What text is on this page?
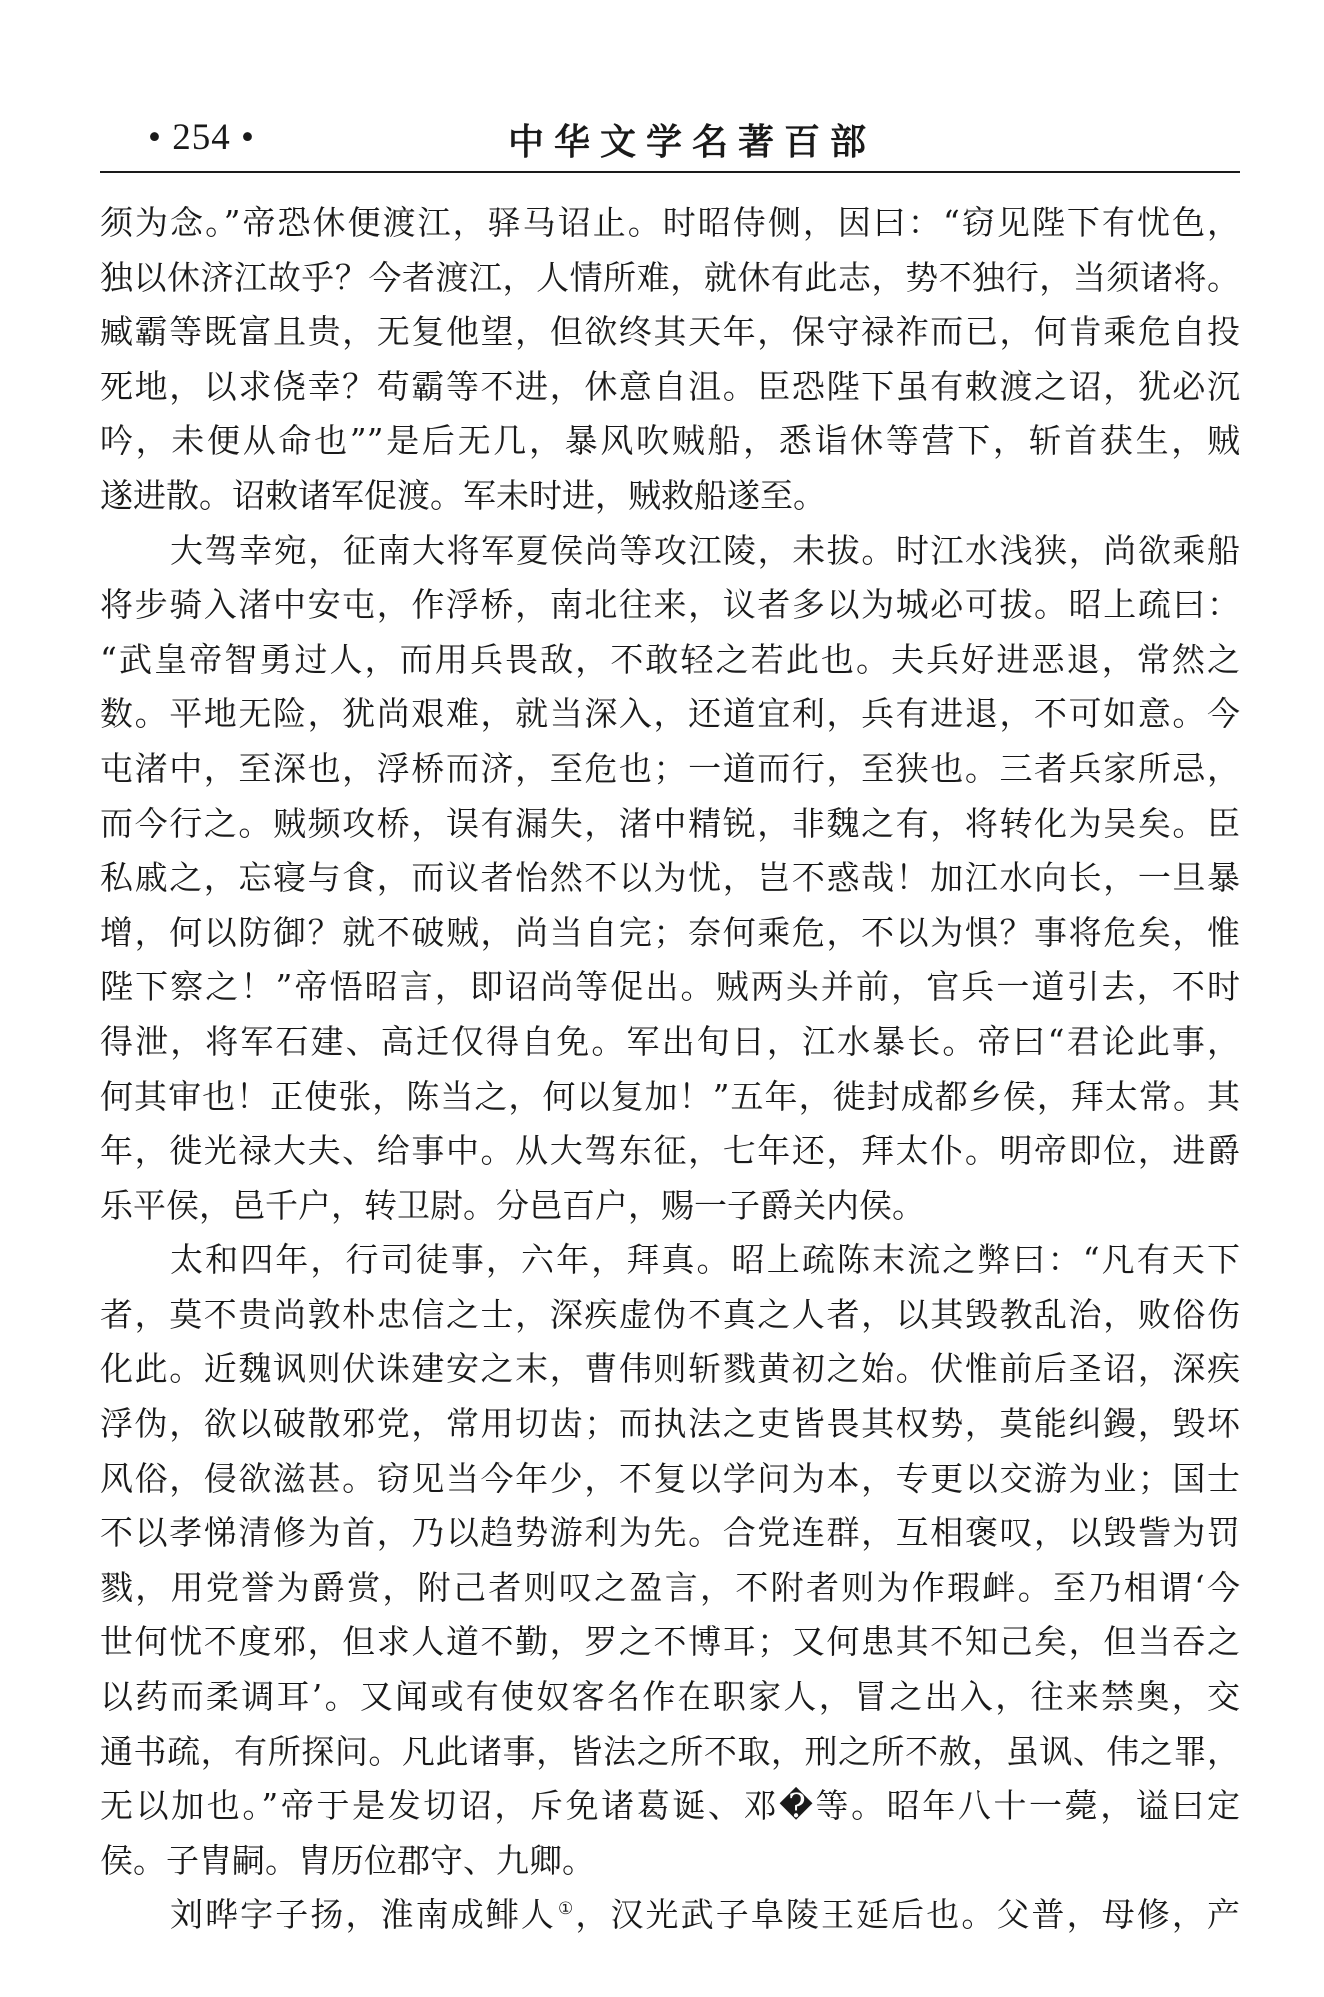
• 254 •	中华文学名著百部
须为念。”帝恐休便渡江，驿马诏止。时昭侍侧，因曰：“窃见陛下有忧色，
独以休济江故乎？今者渡江，人情所难，就休有此志，势不独行，当须诸将。
臧霸等既富且贵，无复他望，但欲终其天年，保守禄祚而已，何肯乘危自投
死地，以求侥幸？苟霸等不进，休意自沮。臣恐陛下虽有敕渡之诏，犹必沉
吟，未便从命也””是后无几，暴风吹贼船，悉诣休等营下，斩首获生，贼
遂进散。诏敕诸军促渡。军未时进，贼救船遂至。
大驾幸宛，征南大将军夏侯尚等攻江陵，未拔。时江水浅狭，尚欲乘船
将步骑入渚中安屯，作浮桥，南北往来，议者多以为城必可拔。昭上疏曰：
“武皇帝智勇过人，而用兵畏敌，不敢轻之若此也。夫兵好进恶退，常然之
数。平地无险，犹尚艰难，就当深入，还道宜利，兵有进退，不可如意。今
屯渚中，至深也，浮桥而济，至危也；一道而行，至狭也。三者兵家所忌，
而今行之。贼频攻桥，误有漏失，渚中精锐，非魏之有，将转化为吴矣。臣
私戚之，忘寝与食，而议者怡然不以为忧，岂不惑哉！加江水向长，一旦暴
增，何以防御？就不破贼，尚当自完；奈何乘危，不以为惧？事将危矣，惟
陛下察之！”帝悟昭言，即诏尚等促出。贼两头并前，官兵一道引去，不时
得泄，将军石建、高迁仅得自免。军出旬日，江水暴长。帝曰“君论此事，
何其审也！正使张，陈当之，何以复加！”五年，徙封成都乡侯，拜太常。其
年，徙光禄大夫、给事中。从大驾东征，七年还，拜太仆。明帝即位，进爵
乐平侯，邑千户，转卫尉。分邑百户，赐一子爵关内侯。
太和四年，行司徒事，六年，拜真。昭上疏陈末流之弊曰：“凡有天下
者，莫不贵尚敦朴忠信之士，深疾虚伪不真之人者，以其毁教乱治，败俗伤
化此。近魏讽则伏诛建安之末，曹伟则斩戮黄初之始。伏惟前后圣诏，深疾
浮伪，欲以破散邪党，常用切齿；而执法之吏皆畏其权势，莫能纠鏝，毁坏
风俗，侵欲滋甚。窃见当今年少，不复以学问为本，专更以交游为业；国士
不以孝悌清修为首，乃以趋势游利为先。合党连群，互相褒叹，以毁訾为罚
戮，用党誉为爵赏，附己者则叹之盈言，不附者则为作瑕衅。至乃相谓‘今
世何忧不度邪，但求人道不勤，罗之不博耳；又何患其不知己矣，但当吞之
以药而柔调耳’。又闻或有使奴客名作在职家人，冒之出入，往来禁奥，交
通书疏，有所探问。凡此诸事，皆法之所不取，刑之所不赦，虽讽、伟之罪，
无以加也。”帝于是发切诏，斥免诸葛诞、邓�等。昭年八十一薨，谥曰定
侯。子胄嗣。胄历位郡守、九卿。
刘晔字子扬，淮南成鲱人 ①，汉光武子阜陵王延后也。父普，母修，产
